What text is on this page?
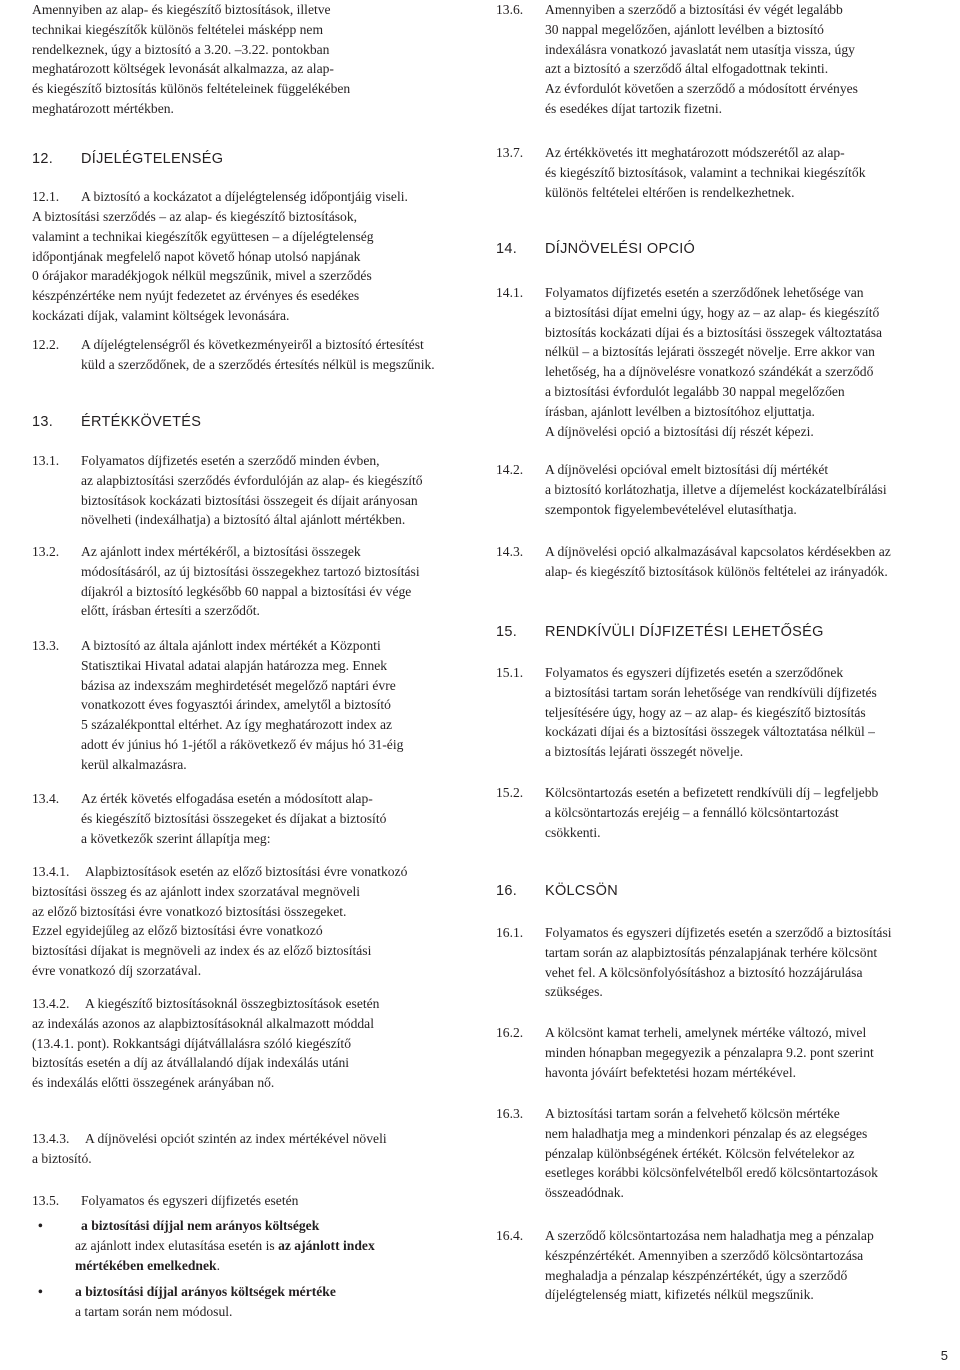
Amennyiben az alap- és kiegészítő biztosítások, illetve
technikai kiegészítők különös feltételei másképp nem
rendelkeznek, úgy a biztosító a 3.20. –3.22. pontokban
meghatározott költségek levonását alkalmazza, az alap-
és kiegészítő biztosítás különös feltételeinek függelékében
meghatározott mértékben.
12.	DÍJELÉGTELENSÉG
12.1.	A biztosító a kockázatot a díjelégtelenség időpontjáig viseli.
A biztosítási szerződés – az alap- és kiegészítő biztosítások,
valamint a technikai kiegészítők együttesen – a díjelégtelenség
időpontjának megfelelő napot követő hónap utolsó napjának
0 órájakor maradékjogok nélkül megszűnik, mivel a szerződés
készpénzértéke nem nyújt fedezetet az érvényes és esedékes
kockázati díjak, valamint költségek levonására.
12.2.	A díjelégtelenségről és következményeiről a biztosító értesítést
küld a szerződőnek, de a szerződés értesítés nélkül is megszűnik.
13.	ÉRTÉKKÖVETÉS
13.1.	Folyamatos díjfizetés esetén a szerződő minden évben,
az alapbiztosítási szerződés évfordulóján az alap- és kiegészítő
biztosítások kockázati biztosítási összegeit és díjait arányosan
növelheti (indexálhatja) a biztosító által ajánlott mértékben.
13.2.	Az ajánlott index mértékéről, a biztosítási összegek
módosításáról, az új biztosítási összegekhez tartozó biztosítási
díjakról a biztosító legkésőbb 60 nappal a biztosítási év vége
előtt, írásban értesíti a szerződőt.
13.3.	A biztosító az általa ajánlott index mértékét a Központi
Statisztikai Hivatal adatai alapján határozza meg. Ennek
bázisa az indexszám meghirdetését megelőző naptári évre
vonatkozott éves fogyasztói árindex, amelytől a biztosító
5 százalékponttal eltérhet. Az így meghatározott index az
adott év június hó 1-jétől a rákövetkező év május hó 31-éig
kerül alkalmazásra.
13.4.	Az érték követés elfogadása esetén a módosított alap-
és kiegészítő biztosítási összegeket és díjakat a biztosító
a következők szerint állapítja meg:
13.4.1.	Alapbiztosítások esetén az előző biztosítási évre vonatkozó
biztosítási összeg és az ajánlott index szorzatával megnöveli
az előző biztosítási évre vonatkozó biztosítási összegeket.
Ezzel egyidejűleg az előző biztosítási évre vonatkozó
biztosítási díjakat is megnöveli az index és az előző biztosítási
évre vonatkozó díj szorzatával.
13.4.2.	A kiegészítő biztosításoknál összegbiztosítások esetén
az indexálás azonos az alapbiztosításoknál alkalmazott móddal
(13.4.1. pont). Rokkantsági díjátvállalásra szóló kiegészítő
biztosítás esetén a díj az átvállalandó díjak indexálás utáni
és indexálás előtti összegének arányában nő.
13.4.3.	A díjnövelési opciót szintén az index mértékével növeli
a biztosító.
13.5.	Folyamatos és egyszeri díjfizetés esetén
•	a biztosítási díjjal nem arányos költségek
az ajánlott index elutasítása esetén is az ajánlott index
mértékében emelkednek.
•	a biztosítási díjjal arányos költségek mértéke
a tartam során nem módosul.
13.6.	Amennyiben a szerződő a biztosítási év végét legalább
30 nappal megelőzően, ajánlott levélben a biztosító
indexálásra vonatkozó javaslatát nem utasítja vissza, úgy
azt a biztosító a szerződő által elfogadottnak tekinti.
Az évfordulót követően a szerződő a módosított érvényes
és esedékes díjat tartozik fizetni.
13.7.	Az értékkövetés itt meghatározott módszerétől az alap-
és kiegészítő biztosítások, valamint a technikai kiegészítők
különös feltételei eltérően is rendelkezhetnek.
14.	DÍJNÖVELÉSI OPCIÓ
14.1.	Folyamatos díjfizetés esetén a szerződőnek lehetősége van
a biztosítási díjat emelni úgy, hogy az – az alap- és kiegészítő
biztosítás kockázati díjai és a biztosítási összegek változtatása
nélkül – a biztosítás lejárati összegét növelje. Erre akkor van
lehetőség, ha a díjnövelésre vonatkozó szándékát a szerződő
a biztosítási évfordulót legalább 30 nappal megelőzően
írásban, ajánlott levélben a biztosítóhoz eljuttatja.
A díjnövelési opció a biztosítási díj részét képezi.
14.2.	A díjnövelési opcióval emelt biztosítási díj mértékét
a biztosító korlátozhatja, illetve a díjemelést kockázatelbírálási
szempontok figyelembevételével elutasíthatja.
14.3.	A díjnövelési opció alkalmazásával kapcsolatos kérdésekben az
alap- és kiegészítő biztosítások különös feltételei az irányadók.
15.	RENDKÍVÜLI DÍJFIZETÉSI LEHETŐSÉG
15.1.	Folyamatos és egyszeri díjfizetés esetén a szerződőnek
a biztosítási tartam során lehetősége van rendkívüli díjfizetés
teljesítésére úgy, hogy az – az alap- és kiegészítő biztosítás
kockázati díjai és a biztosítási összegek változtatása nélkül –
a biztosítás lejárati összegét növelje.
15.2.	Kölcsöntartozás esetén a befizetett rendkívüli díj – legfeljebb
a kölcsöntartozás erejéig – a fennálló kölcsöntartozást
csökkenti.
16.	KÖLCSÖN
16.1.	Folyamatos és egyszeri díjfizetés esetén a szerződő a biztosítási
tartam során az alapbiztosítás pénzalapjának terhére kölcsönt
vehet fel. A kölcsönfolyósításhoz a biztosító hozzájárulása
szükséges.
16.2.	A kölcsönt kamat terheli, amelynek mértéke változó, mivel
minden hónapban megegyezik a pénzalapra 9.2. pont szerint
havonta jóváírt befektetési hozam mértékével.
16.3.	A biztosítási tartam során a felvehető kölcsön mértéke
nem haladhatja meg a mindenkori pénzalap és az elegséges
pénzalap különbségének értékét. Kölcsön felvételekor az
esetleges korábbi kölcsönfelvételből eredő kölcsöntartozások
összeadódnak.
16.4.	A szerződő kölcsöntartozása nem haladhatja meg a pénzalap
készpénzértékét. Amennyiben a szerződő kölcsöntartozása
meghaladja a pénzalap készpénzértékét, úgy a szerződő
díjelégtelenség miatt, kifizetés nélkül megszűnik.
5
